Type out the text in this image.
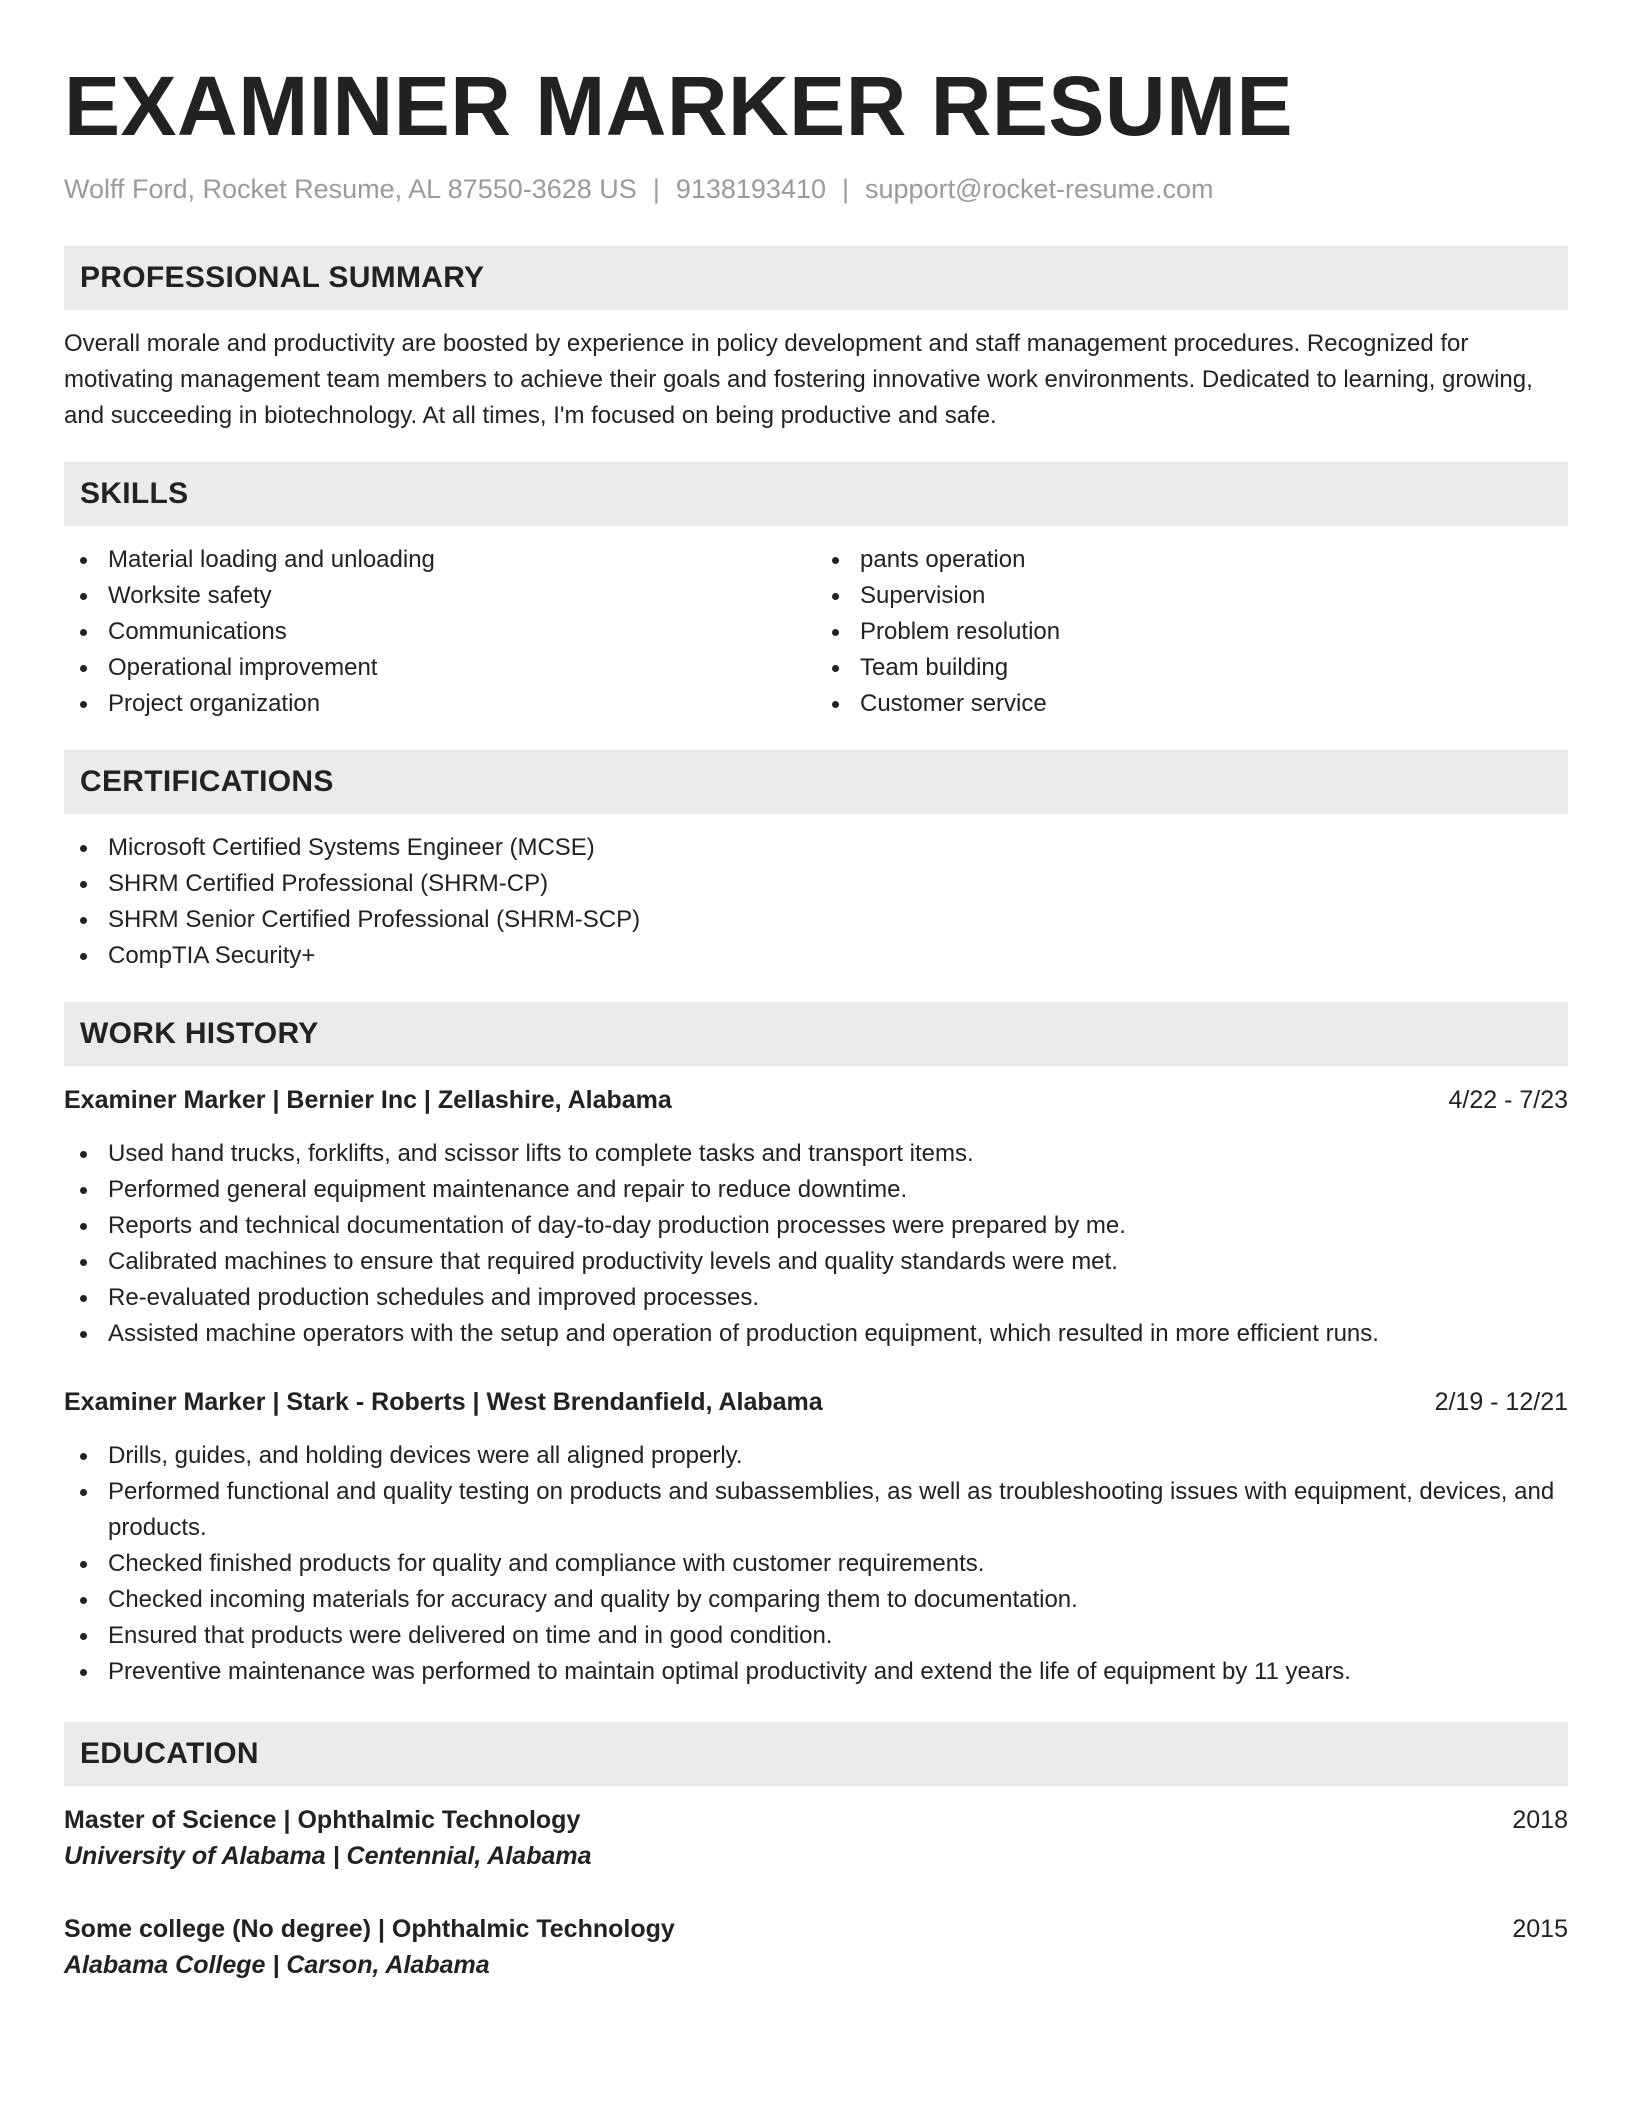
EXAMINER MARKER RESUME
Wolff Ford, Rocket Resume, AL 87550-3628 US | 9138193410 | support@rocket-resume.com
PROFESSIONAL SUMMARY

Overall morale and productivity are boosted by experience in policy development and staff management procedures. Recognized for motivating management team members to achieve their goals and fostering innovative work environments. Dedicated to learning, growing, and succeeding in biotechnology. At all times, I'm focused on being productive and safe.

SKILLS
Material loading and unloading
Worksite safety
Communications
Operational improvement
Project organization
pants operation
Supervision
Problem resolution
Team building
Customer service
CERTIFICATIONS
Microsoft Certified Systems Engineer (MCSE)
SHRM Certified Professional (SHRM-CP)
SHRM Senior Certified Professional (SHRM-SCP)
CompTIA Security+
WORK HISTORY
Examiner Marker | Bernier Inc | Zellashire, Alabama	4/22 - 7/23
Used hand trucks, forklifts, and scissor lifts to complete tasks and transport items.
Performed general equipment maintenance and repair to reduce downtime.
Reports and technical documentation of day-to-day production processes were prepared by me.
Calibrated machines to ensure that required productivity levels and quality standards were met.
Re-evaluated production schedules and improved processes.
Assisted machine operators with the setup and operation of production equipment, which resulted in more efficient runs.
Examiner Marker | Stark - Roberts | West Brendanfield, Alabama	2/19 - 12/21
Drills, guides, and holding devices were all aligned properly.
Performed functional and quality testing on products and subassemblies, as well as troubleshooting issues with equipment, devices, and products.
Checked finished products for quality and compliance with customer requirements.
Checked incoming materials for accuracy and quality by comparing them to documentation.
Ensured that products were delivered on time and in good condition.
Preventive maintenance was performed to maintain optimal productivity and extend the life of equipment by 11 years.
EDUCATION
Master of Science | Ophthalmic Technology	2018
University of Alabama | Centennial, Alabama
Some college (No degree) | Ophthalmic Technology	2015
Alabama College | Carson, Alabama
